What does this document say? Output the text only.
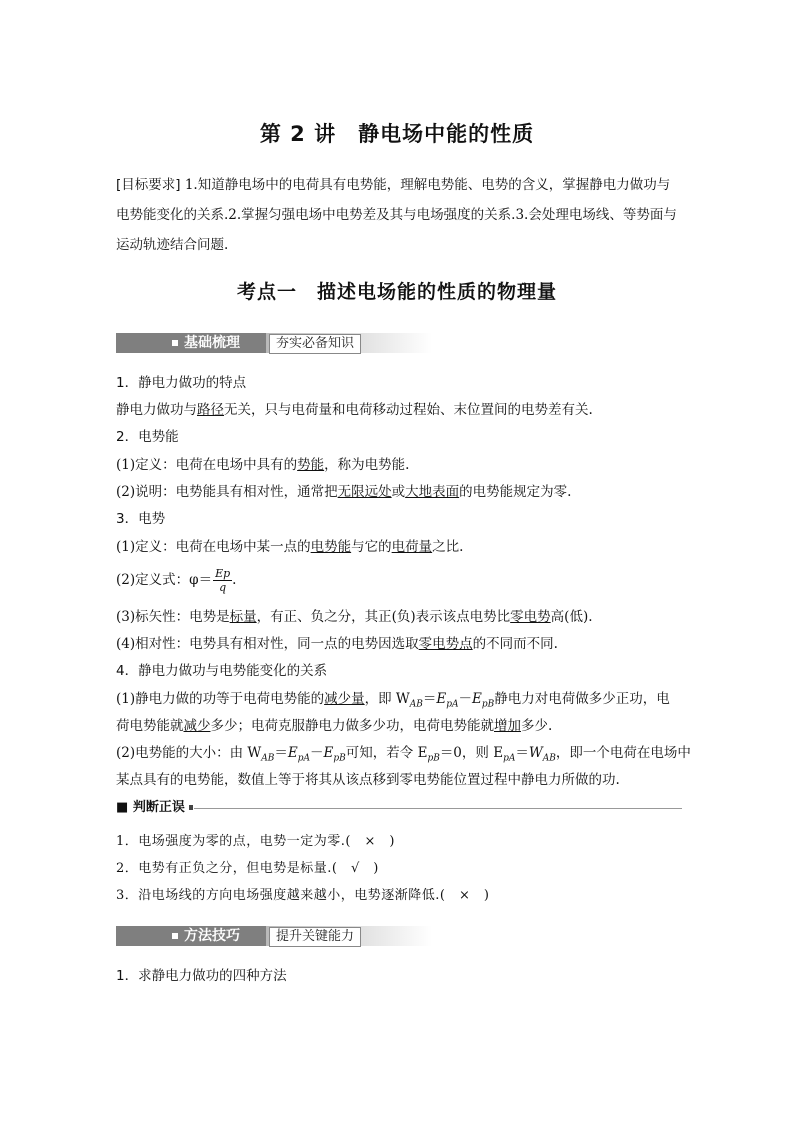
第 2 讲　静电场中能的性质
[目标要求] 1.知道静电场中的电荷具有电势能，理解电势能、电势的含义，掌握静电力做功与电势能变化的关系.2.掌握匀强电场中电势差及其与电场强度的关系.3.会处理电场线、等势面与运动轨迹结合问题.
考点一　描述电场能的性质的物理量
基础梳理	夯实必备知识
1．静电力做功的特点
静电力做功与路径无关，只与电荷量和电荷移动过程始、末位置间的电势差有关.
2．电势能
(1)定义：电荷在电场中具有的势能，称为电势能.
(2)说明：电势能具有相对性，通常把无限远处或大地表面的电势能规定为零.
3．电势
(1)定义：电荷在电场中某一点的电势能与它的电荷量之比.
(2)定义式：$\varphi= \frac{Ep}{q}$ .
(3)标矢性：电势是标量，有正、负之分，其正(负)表示该点电势比零电势高(低).
(4)相对性：电势具有相对性，同一点的电势因选取零电势点的不同而不同.
4．静电力做功与电势能变化的关系
(1)静电力做的功等于电荷电势能的减少量，即 $W_{AB}=E_{pA}-E_{pB}$静电力对电荷做多少正功，电
荷电势能就减少多少；电荷克服静电力做多少功，电荷电势能就增加多少.
(2)电势能的大小：由 $W_{AB}=E_{pA}-E_{pB}$可知，若令 $E_{pB}=0$，则 $E_{pA}=W_{AB}$，即一个电荷在电场中
某点具有的电势能，数值上等于将其从该点移到零电势能位置过程中静电力所做的功.
■ 判断正误
1．电场强度为零的点，电势一定为零.(　×　)
2．电势有正负之分，但电势是标量.(　√　)
3．沿电场线的方向电场强度越来越小，电势逐渐降低.(　×　)
方法技巧	提升关键能力
1．求静电力做功的四种方法
